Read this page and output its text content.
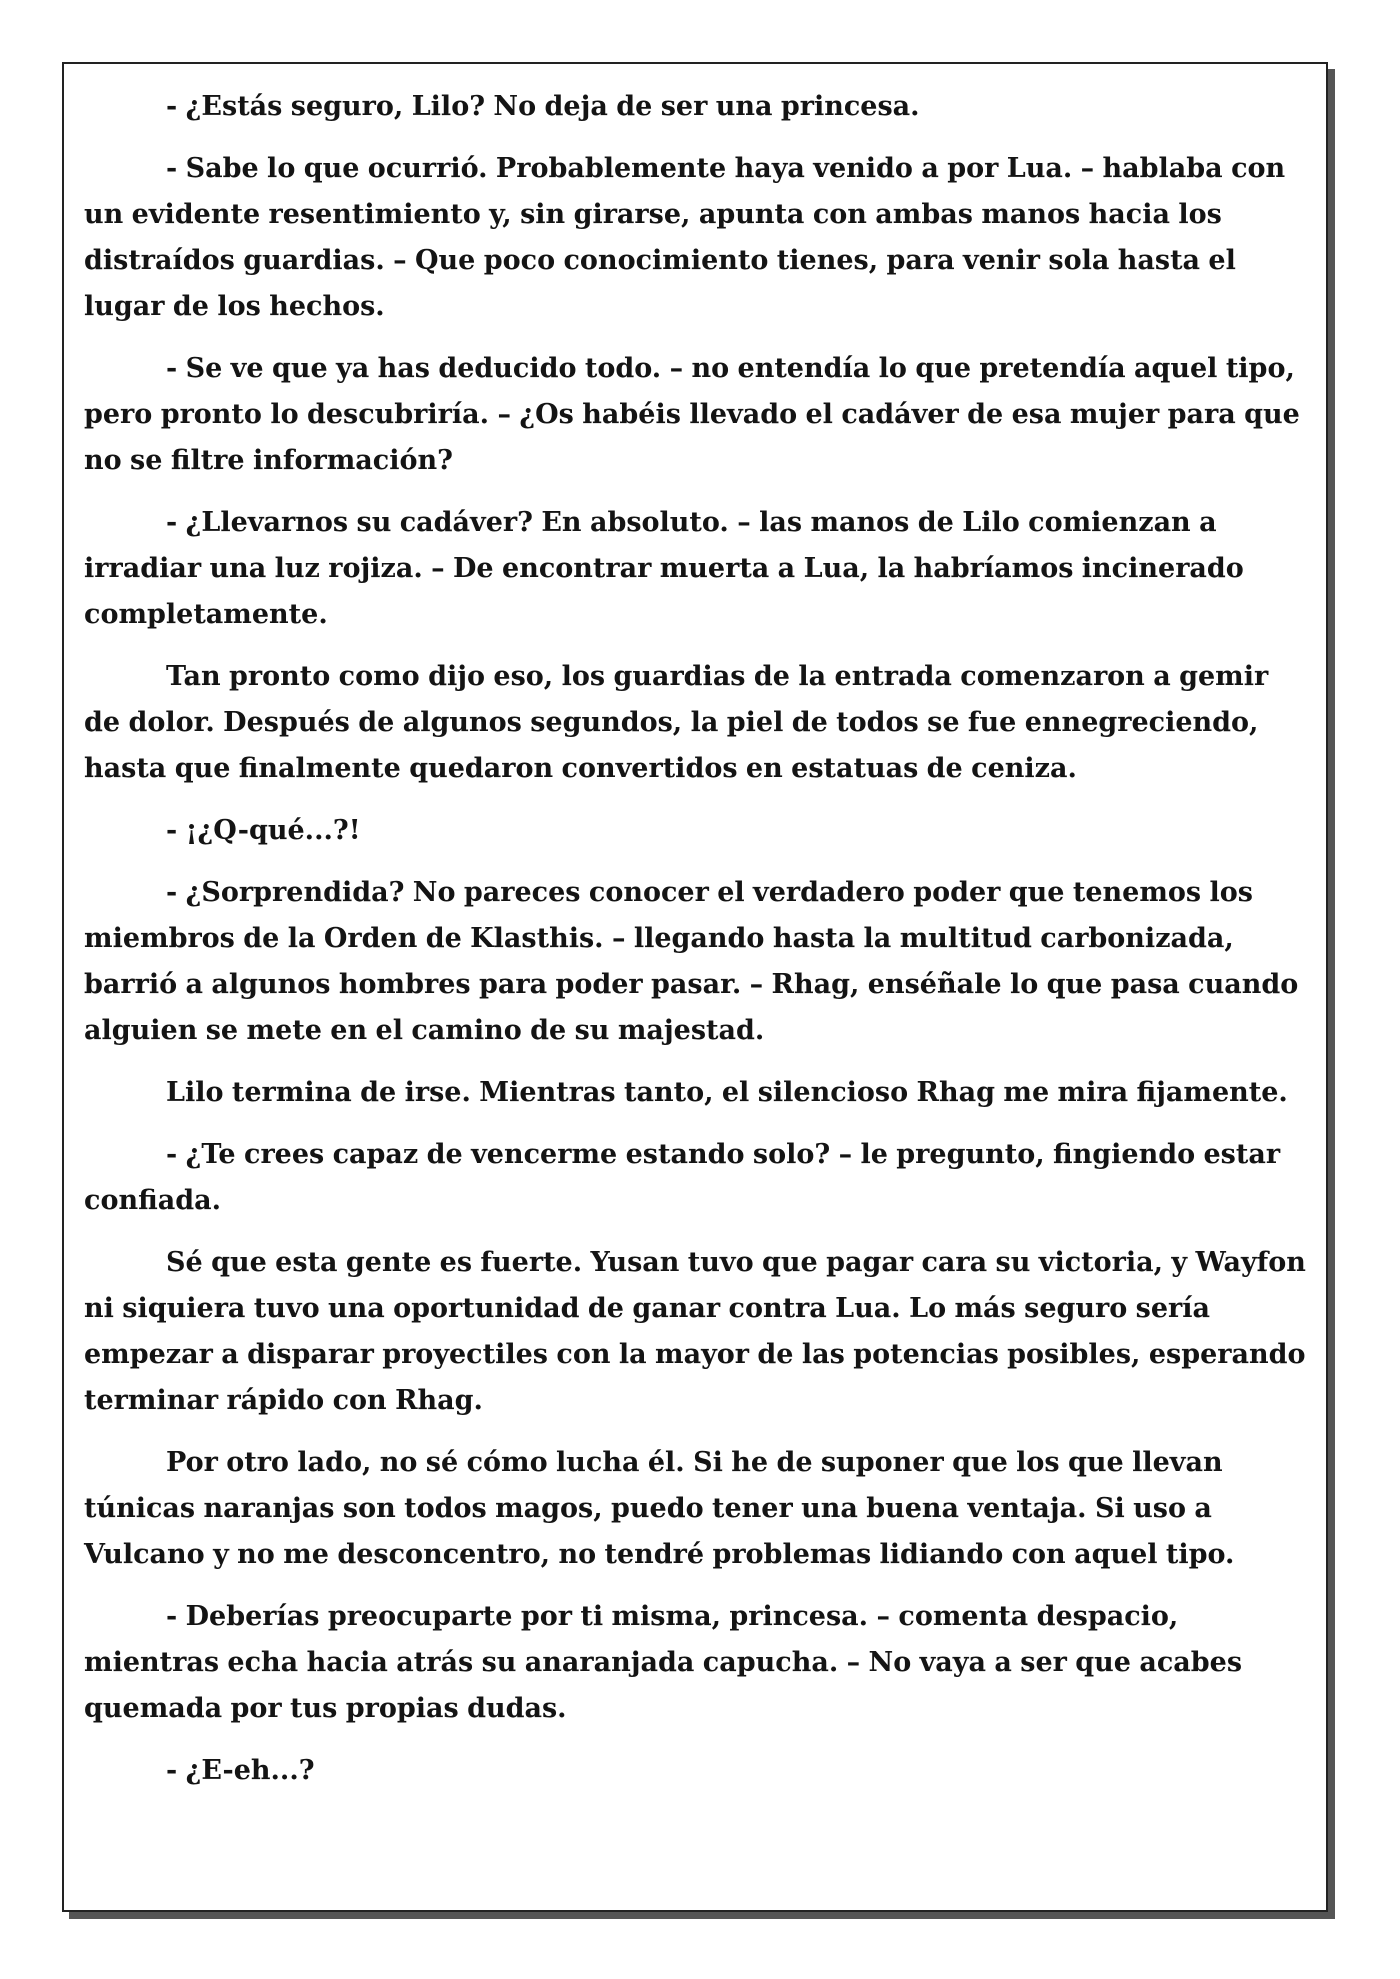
- ¿Estás seguro, Lilo? No deja de ser una princesa.

- Sabe lo que ocurrió. Probablemente haya venido a por Lua. – hablaba con un evidente resentimiento y, sin girarse, apunta con ambas manos hacia los distraídos guardias. – Que poco conocimiento tienes, para venir sola hasta el lugar de los hechos.

- Se ve que ya has deducido todo. – no entendía lo que pretendía aquel tipo, pero pronto lo descubriría. – ¿Os habéis llevado el cadáver de esa mujer para que no se filtre información?

- ¿Llevarnos su cadáver? En absoluto. – las manos de Lilo comienzan a irradiar una luz rojiza. – De encontrar muerta a Lua, la habríamos incinerado completamente.

Tan pronto como dijo eso, los guardias de la entrada comenzaron a gemir de dolor. Después de algunos segundos, la piel de todos se fue ennegreciendo, hasta que finalmente quedaron convertidos en estatuas de ceniza.

- ¡¿Q-qué...?!

- ¿Sorprendida? No pareces conocer el verdadero poder que tenemos los miembros de la Orden de Klasthis. – llegando hasta la multitud carbonizada, barrió a algunos hombres para poder pasar. – Rhag, enséñale lo que pasa cuando alguien se mete en el camino de su majestad.

Lilo termina de irse. Mientras tanto, el silencioso Rhag me mira fijamente.

- ¿Te crees capaz de vencerme estando solo? – le pregunto, fingiendo estar confiada.

Sé que esta gente es fuerte. Yusan tuvo que pagar cara su victoria, y Wayfon ni siquiera tuvo una oportunidad de ganar contra Lua. Lo más seguro sería empezar a disparar proyectiles con la mayor de las potencias posibles, esperando terminar rápido con Rhag.

Por otro lado, no sé cómo lucha él. Si he de suponer que los que llevan túnicas naranjas son todos magos, puedo tener una buena ventaja. Si uso a Vulcano y no me desconcentro, no tendré problemas lidiando con aquel tipo.

- Deberías preocuparte por ti misma, princesa. – comenta despacio, mientras echa hacia atrás su anaranjada capucha. – No vaya a ser que acabes quemada por tus propias dudas.

- ¿E-eh...?
